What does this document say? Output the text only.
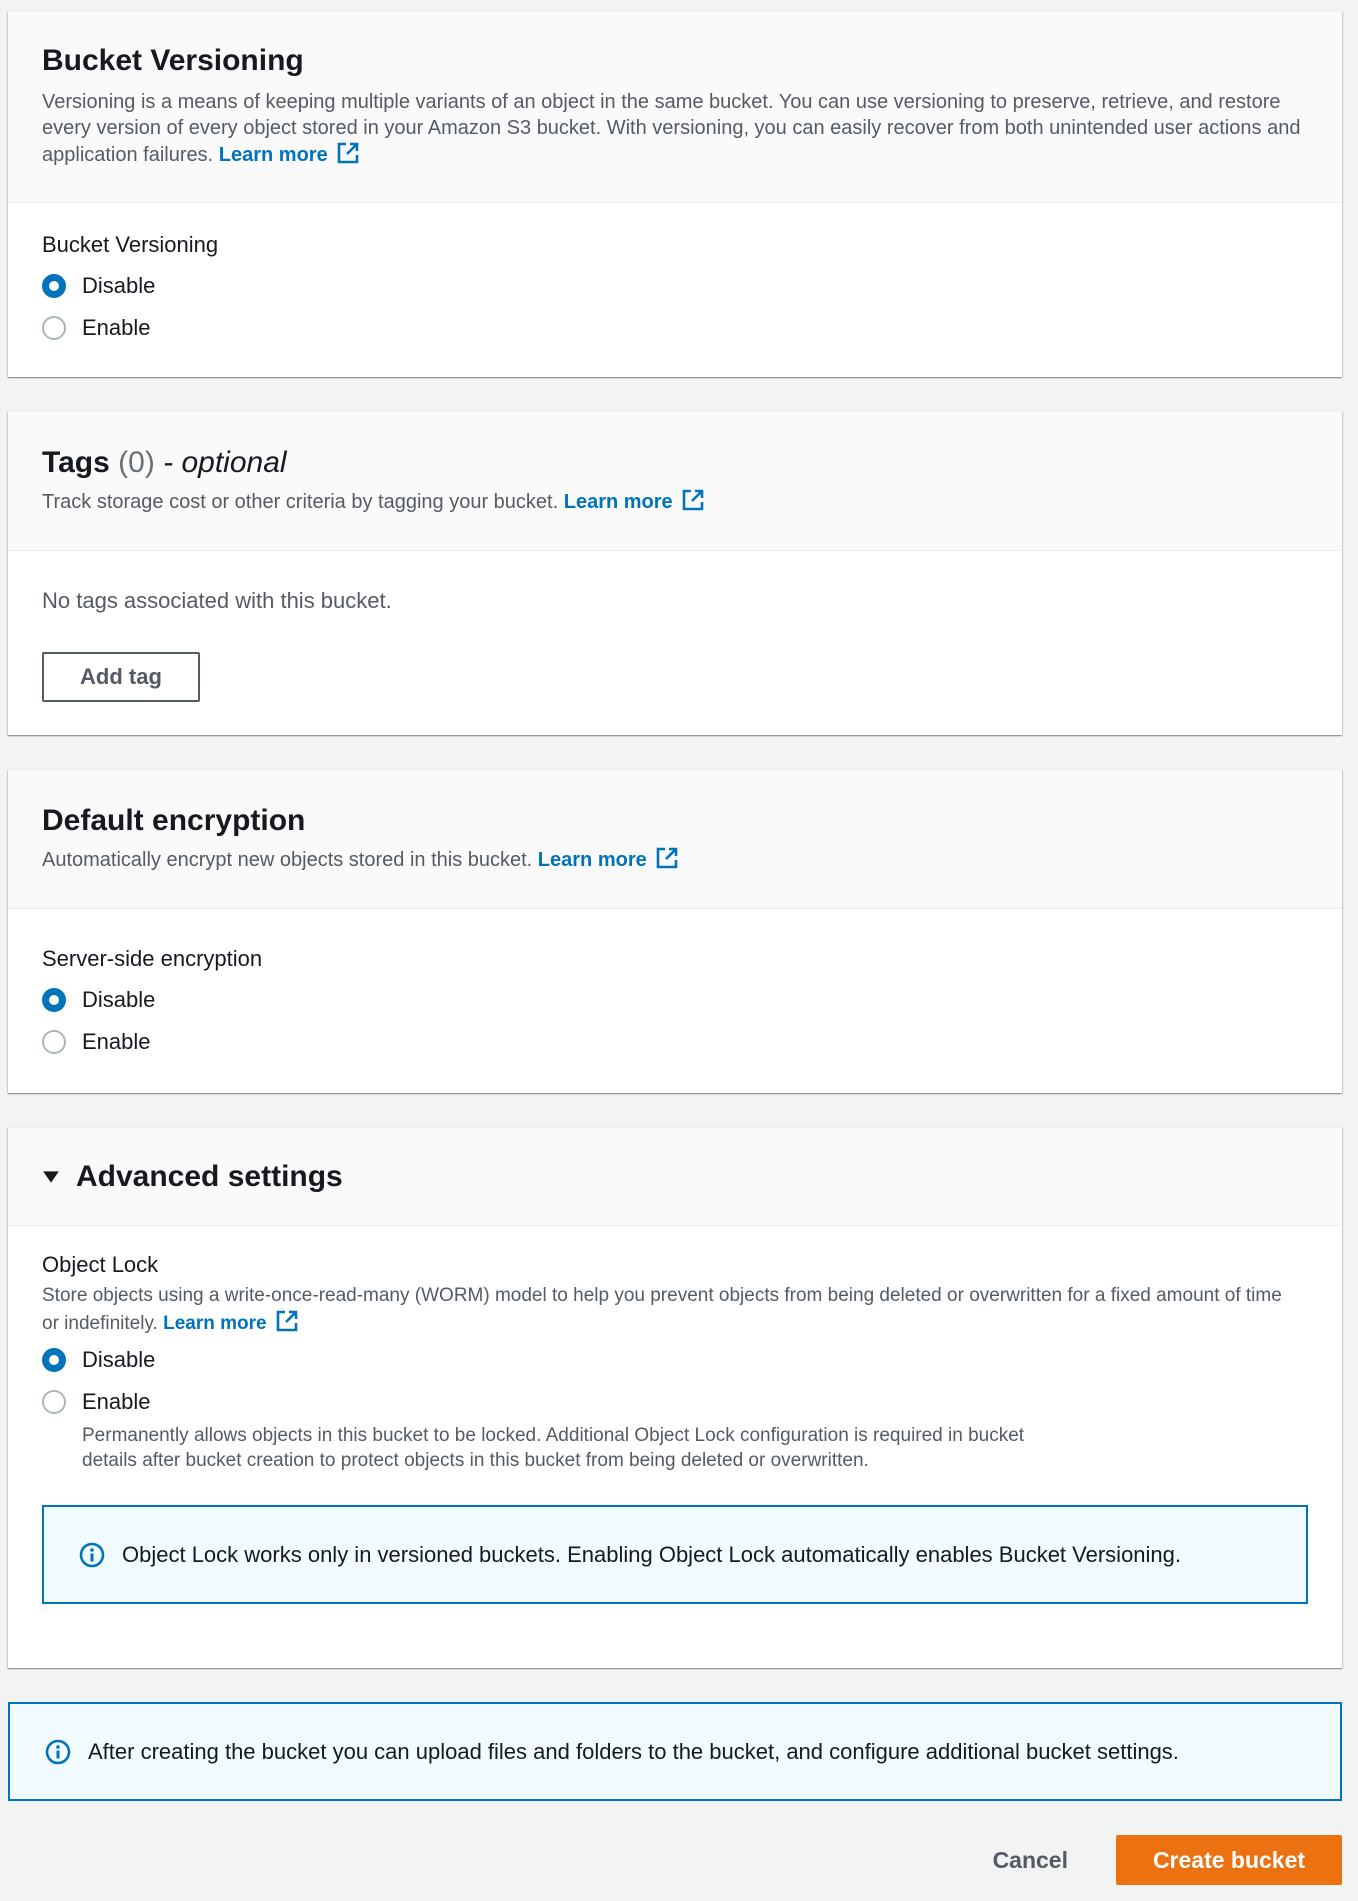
Bucket Versioning
Versioning is a means of keeping multiple variants of an object in the same bucket. You can use versioning to preserve, retrieve, and restore every version of every object stored in your Amazon S3 bucket. With versioning, you can easily recover from both unintended user actions and application failures. Learn more
Bucket Versioning
Disable
Enable
Tags (0) - optional
Track storage cost or other criteria by tagging your bucket. Learn more
No tags associated with this bucket.
Add tag
Default encryption
Automatically encrypt new objects stored in this bucket. Learn more
Server-side encryption
Disable
Enable
Advanced settings
Object Lock
Store objects using a write-once-read-many (WORM) model to help you prevent objects from being deleted or overwritten for a fixed amount of time or indefinitely. Learn more
Disable
Enable
Permanently allows objects in this bucket to be locked. Additional Object Lock configuration is required in bucket details after bucket creation to protect objects in this bucket from being deleted or overwritten.
Object Lock works only in versioned buckets. Enabling Object Lock automatically enables Bucket Versioning.
After creating the bucket you can upload files and folders to the bucket, and configure additional bucket settings.
Cancel	Create bucket
